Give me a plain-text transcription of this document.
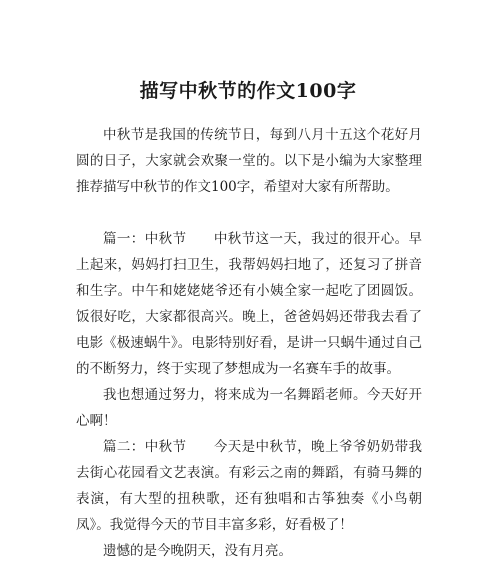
描写中秋节的作文100字

中秋节是我国的传统节日，每到八月十五这个花好月圆的日子，大家就会欢聚一堂的。以下是小编为大家整理推荐描写中秋节的作文100字，希望对大家有所帮助。

篇一：中秋节 中秋节这一天，我过的很开心。早上起来，妈妈打扫卫生，我帮妈妈扫地了，还复习了拼音和生字。中午和姥姥姥爷还有小姨全家一起吃了团圆饭。饭很好吃，大家都很高兴。晚上，爸爸妈妈还带我去看了电影《极速蜗牛》。电影特别好看，是讲一只蜗牛通过自己的不断努力，终于实现了梦想成为一名赛车手的故事。

我也想通过努力，将来成为一名舞蹈老师。今天好开心啊！

篇二：中秋节 今天是中秋节，晚上爷爷奶奶带我去街心花园看文艺表演。有彩云之南的舞蹈，有骑马舞的表演，有大型的扭秧歌，还有独唱和古筝独奏《小鸟朝凤》。我觉得今天的节目丰富多彩，好看极了！

遗憾的是今晚阴天，没有月亮。
